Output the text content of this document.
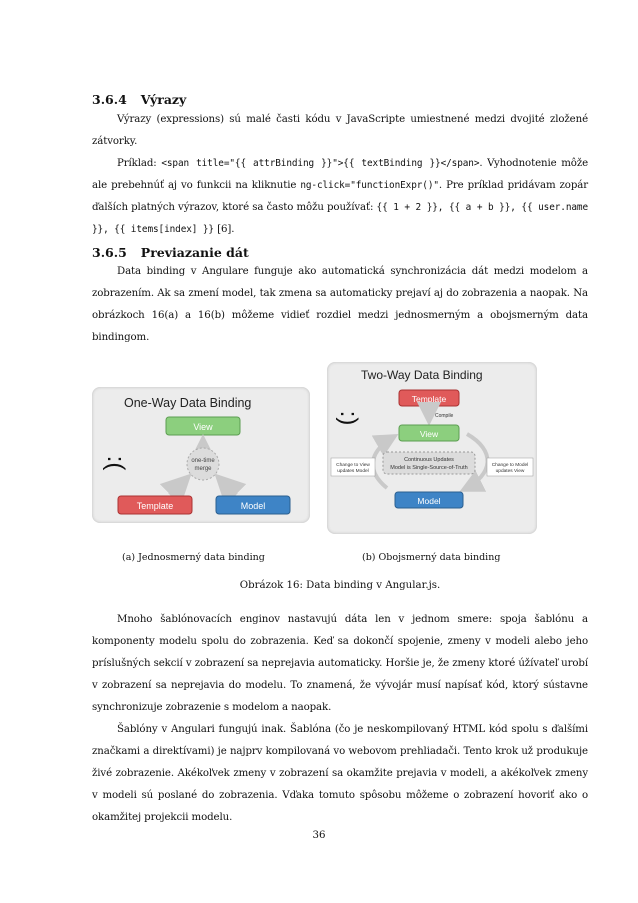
3.6.4 Výrazy

Výrazy (expressions) sú malé časti kódu v JavaScripte umiestnené medzi dvojité zložené zátvorky.

Príklad: <span title="{{ attrBinding }}">{{ textBinding }}</span>. Vyhodnotenie môže ale prebehnúť aj vo funkcii na kliknutie ng-click="functionExpr()". Pre príklad pridávam zopár ďalších platných výrazov, ktoré sa často môžu používať: {{ 1 + 2 }}, {{ a + b }}, {{ user.name }}, {{ items[index] }} [6].

3.6.5 Previazanie dát

Data binding v Angulare funguje ako automatická synchronizácia dát medzi modelom a zobrazením. Ak sa zmení model, tak zmena sa automaticky prejaví aj do zobrazenia a naopak. Na obrázkoch 16(a) a 16(b) môžeme vidieť rozdiel medzi jednosmerným a obojsmerným data bindingom.

One-Way Data Binding
View
one-time
merge
Template	Model
:(
Two-Way Data Binding
Template
Compile
View
Continuous Updates
Model is Single-Source-of-Truth
Change to View
updates Model
Change to Model
updates View
Model
:)
(a) Jednosmerný data binding	(b) Obojsmerný data binding
Obrázok 16: Data binding v Angular.js.

Mnoho šablónovacích enginov nastavujú dáta len v jednom smere: spoja šablónu a komponenty modelu spolu do zobrazenia. Keď sa dokončí spojenie, zmeny v modeli alebo jeho príslušných sekcií v zobrazení sa neprejavia automaticky. Horšie je, že zmeny ktoré úžívateľ urobí v zobrazení sa neprejavia do modelu. To znamená, že vývojár musí napísať kód, ktorý sústavne synchronizuje zobrazenie s modelom a naopak.

Šablóny v Angulari fungujú inak. Šablóna (čo je neskompilovaný HTML kód spolu s ďalšími značkami a direktívami) je najprv kompilovaná vo webovom prehliadači. Tento krok už produkuje živé zobrazenie. Akékoľvek zmeny v zobrazení sa okamžite prejavia v modeli, a akékoľvek zmeny v modeli sú poslané do zobrazenia. Vďaka tomuto spôsobu môžeme o zobrazení hovoriť ako o okamžitej projekcii modelu.

36
